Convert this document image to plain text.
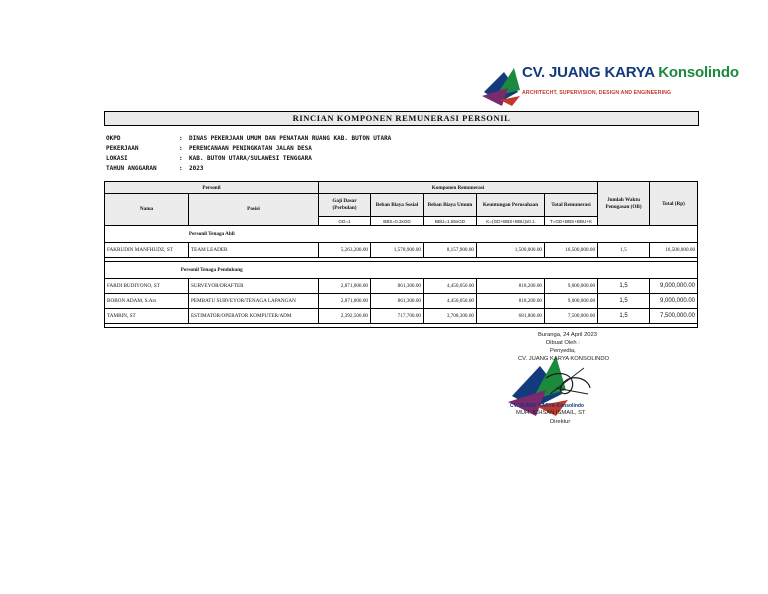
CV. JUANG KARYA Konsolindo
ARCHITECHT, SUPERVISION, DESIGN AND ENGINEERING
RINCIAN KOMPONEN REMUNERASI PERSONIL
OKPD	:	DINAS PEKERJAAN UMUM DAN PENATAAN RUANG KAB. BUTON UTARA
PEKERJAAN	:	PERENCANAAN PENINGKATAN JALAN DESA
LOKASI	:	KAB. BUTON UTARA/SULAWESI TENGGARA
TAHUN ANGGARAN	:	2023
Personil		Komponen Remunerasi					Jumlah Waktu Penugasan (OB)	Total (Rp)
Nama	Posisi	Gaji Dasar (Perbulan)	Beban Biaya Sosial	Beban Biaya Umum	Keuntungan Perusahaan	Total Remunerasi		
		GD=1	BBS=0.3xGD	BBU=1.55xGD	K=(GD+BBS+BBU)x0.1	T=GD+BBS+BBU+K		
Personil Tenaga Ahli								
FAKRUDIN MANFHUDZ, ST	TEAM LEADER	5,263,200.00	1,578,900.00	8,157,900.00	1,500,000.00	16,500,000.00	1,5	16,500,000.00

Personil Tenaga Pendukung								
FARDI BUDIYONO, ST	SURVEYOR/DRAFTER	2,871,000.00	861,300.00	4,450,050.00	818,200.00	9,000,000.00	1,5	9,000,000.00
BOBON ADAM, S.Ars	PEMBATU SURVEYOR/TENAGA LAPANGAN	2,871,000.00	861,300.00	4,450,050.00	818,200.00	9,000,000.00	1,5	9,000,000.00
TAMRIN, ST	ESTIMATOR/OPERATOR KOMPUTER/ADM	2,392,500.00	717,700.00	3,708,300.00	681,800.00	7,500,000.00	1,5	7,500,000.00

CV. JUANG KARYA Konsolindo
Buranga, 24 April 2023
Dibuat Oleh :
Penyedia,
CV. JUANG KARYA KONSOLINDO
MUH. ICHSAN ISMAIL, ST
Direktur
